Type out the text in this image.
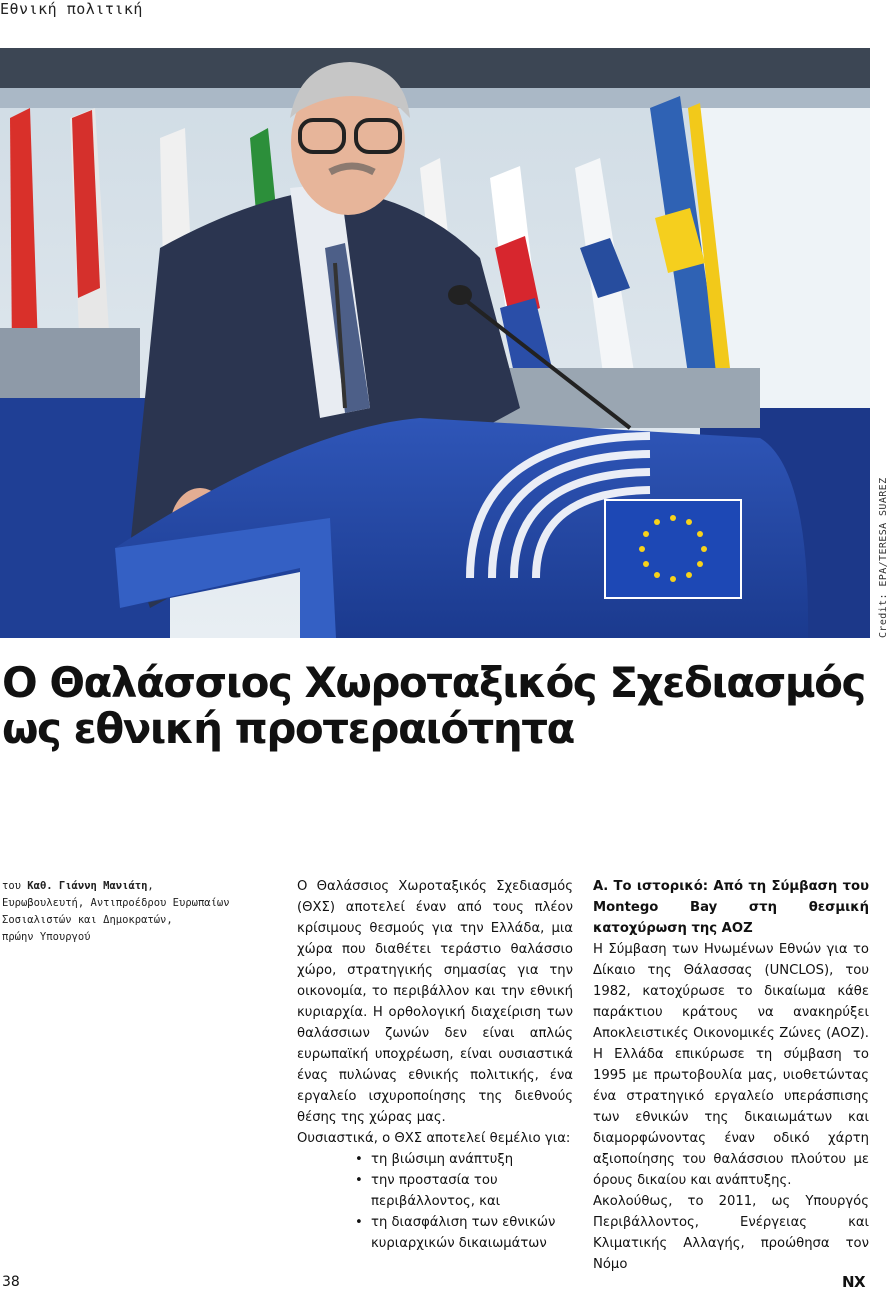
Εθνική πολιτική
Credit: EPA/TERESA SUAREZ
Ο Θαλάσσιος Χωροταξικός Σχεδιασμός
ως εθνική προτεραιότητα
του Καθ. Γιάννη Μανιάτη,
Ευρωβουλευτή, Αντιπροέδρου Ευρωπαίων
Σοσιαλιστών και Δημοκρατών,
πρώην Υπουργού

Ο Θαλάσσιος Χωροταξικός Σχεδιασμός (ΘΧΣ) αποτελεί έναν από τους πλέον κρίσιμους θεσμούς για την Ελλάδα, μια χώρα που διαθέτει τεράστιο θαλάσσιο χώρο, στρατηγικής σημασίας για την οικονομία, το περιβάλλον και την εθνική κυριαρχία. Η ορθολογική διαχείριση των θαλάσσιων ζωνών δεν είναι απλώς ευρωπαϊκή υποχρέωση, είναι ουσιαστικά ένας πυλώνας εθνικής πολιτικής, ένα εργαλείο ισχυροποίησης της διεθνούς θέσης της χώρας μας.

Ουσιαστικά, ο ΘΧΣ αποτελεί θεμέλιο για:

• τη βιώσιμη ανάπτυξη
• την προστασία του περιβάλλοντος, και
• τη διασφάλιση των εθνικών κυριαρχικών δικαιωμάτων

Α. Το ιστορικό: Από τη Σύμβαση του Montego Bay στη θεσμική κατοχύρωση της ΑΟΖ

Η Σύμβαση των Ηνωμένων Εθνών για το Δίκαιο της Θάλασσας (UNCLOS), του 1982, κατοχύρωσε το δικαίωμα κάθε παράκτιου κράτους να ανακηρύξει Αποκλειστικές Οικονομικές Ζώνες (ΑΟΖ). Η Ελλάδα επικύρωσε τη σύμβαση το 1995 με πρωτοβουλία μας, υιοθετώντας ένα στρατηγικό εργαλείο υπεράσπισης των εθνικών της δικαιωμάτων και διαμορφώνοντας έναν οδικό χάρτη αξιοποίησης του θαλάσσιου πλούτου με όρους δικαίου και ανάπτυξης.

Ακολούθως, το 2011, ως Υπουργός Περιβάλλοντος, Ενέργειας και Κλιματικής Αλλαγής, προώθησα τον Νόμο

38	NX
